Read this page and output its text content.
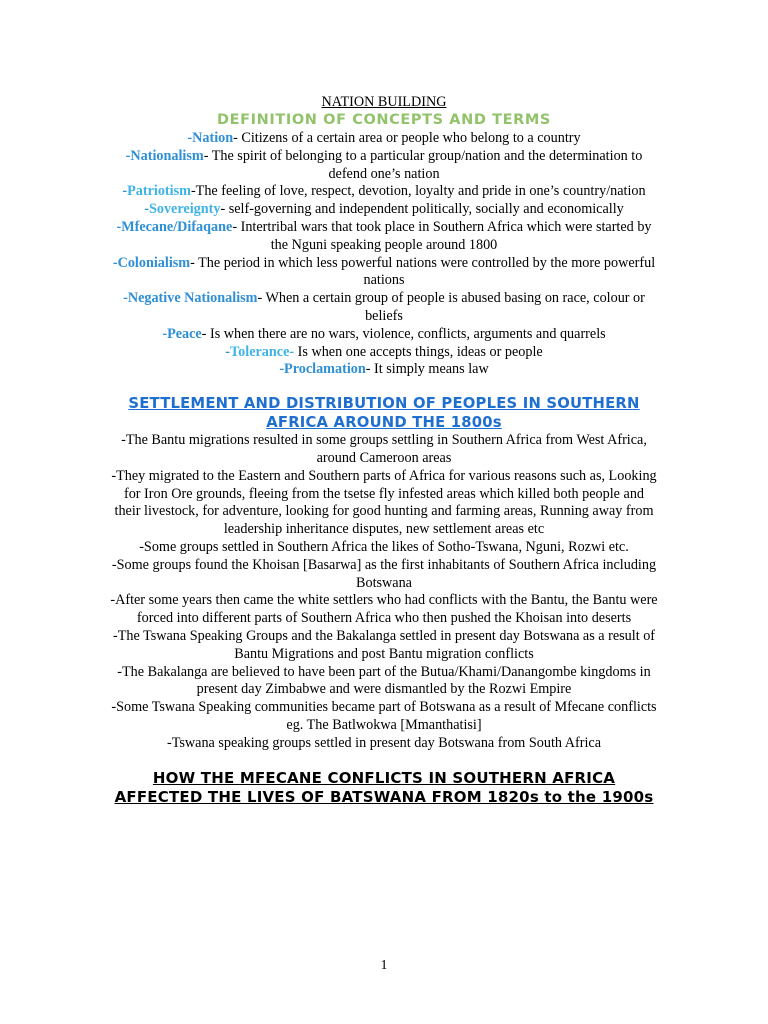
NATION BUILDING
DEFINITION OF CONCEPTS AND TERMS
-Nation- Citizens of a certain area or people who belong to a country
-Nationalism- The spirit of belonging to a particular group/nation and the determination to defend one’s nation
-Patriotism-The feeling of love, respect, devotion, loyalty and pride in one’s country/nation
-Sovereignty- self-governing and independent politically, socially and economically
-Mfecane/Difaqane- Intertribal wars that took place in Southern Africa which were started by the Nguni speaking people around 1800
-Colonialism- The period in which less powerful nations were controlled by the more powerful nations
-Negative Nationalism- When a certain group of people is abused basing on race, colour or beliefs
-Peace- Is when there are no wars, violence, conflicts, arguments and quarrels
-Tolerance- Is when one accepts things, ideas or people
-Proclamation- It simply means law
SETTLEMENT AND DISTRIBUTION OF PEOPLES IN SOUTHERN AFRICA AROUND THE 1800s
-The Bantu migrations resulted in some groups settling in Southern Africa from West Africa, around Cameroon areas
-They migrated to the Eastern and Southern parts of Africa for various reasons such as, Looking for Iron Ore grounds, fleeing from the tsetse fly infested areas which killed both people and their livestock, for adventure, looking for good hunting and farming areas, Running away from leadership inheritance disputes, new settlement areas etc
-Some groups settled in Southern Africa the likes of Sotho-Tswana, Nguni, Rozwi etc.
-Some groups found the Khoisan [Basarwa] as the first inhabitants of Southern Africa including Botswana
-After some years then came the white settlers who had conflicts with the Bantu, the Bantu were forced into different parts of Southern Africa who then pushed the Khoisan into deserts
-The Tswana Speaking Groups and the Bakalanga settled in present day Botswana as a result of Bantu Migrations and post Bantu migration conflicts
-The Bakalanga are believed to have been part of the Butua/Khami/Danangombe kingdoms in present day Zimbabwe and were dismantled by the Rozwi Empire
-Some Tswana Speaking communities became part of Botswana as a result of Mfecane conflicts eg. The Batlwokwa [Mmanthatisi]
-Tswana speaking groups settled in present day Botswana from South Africa
HOW THE MFECANE CONFLICTS IN SOUTHERN AFRICA AFFECTED THE LIVES OF BATSWANA FROM 1820s to the 1900s
1
